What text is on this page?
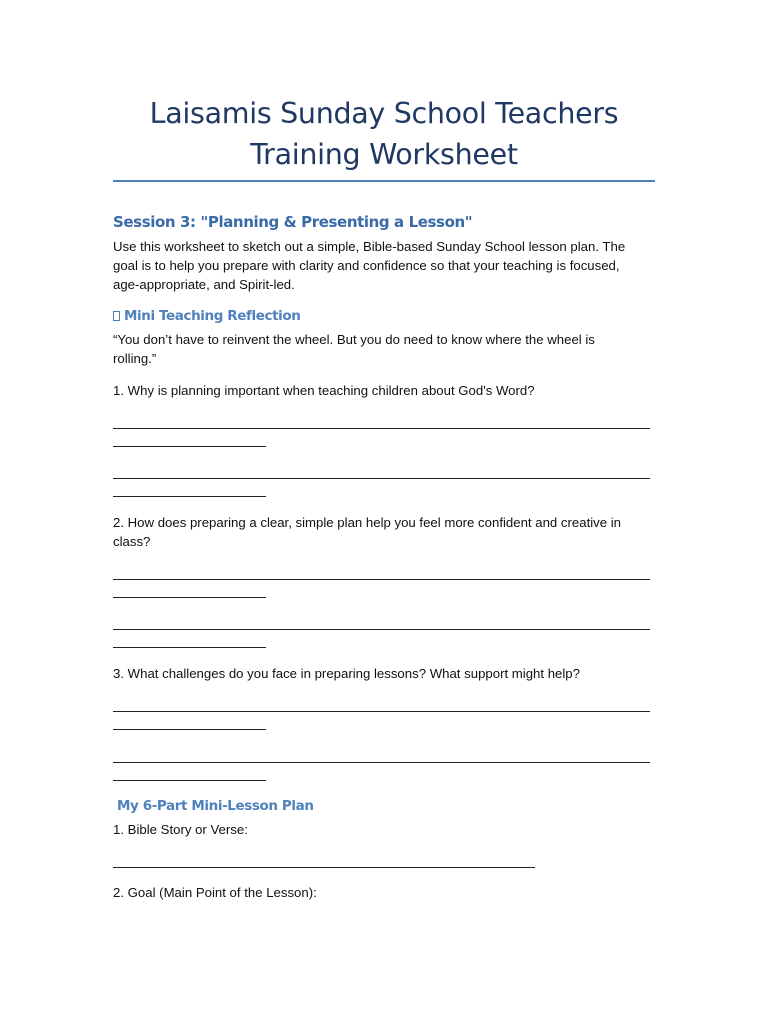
Laisamis Sunday School Teachers
Training Worksheet
Session 3: "Planning & Presenting a Lesson"
Use this worksheet to sketch out a simple, Bible-based Sunday School lesson plan. The
goal is to help you prepare with clarity and confidence so that your teaching is focused,
age-appropriate, and Spirit-led.
Mini Teaching Reflection
“You don’t have to reinvent the wheel. But you do need to know where the wheel is
rolling.”
1. Why is planning important when teaching children about God's Word?
2. How does preparing a clear, simple plan help you feel more confident and creative in
class?
3. What challenges do you face in preparing lessons? What support might help?
My 6-Part Mini-Lesson Plan
1. Bible Story or Verse:
2. Goal (Main Point of the Lesson):
